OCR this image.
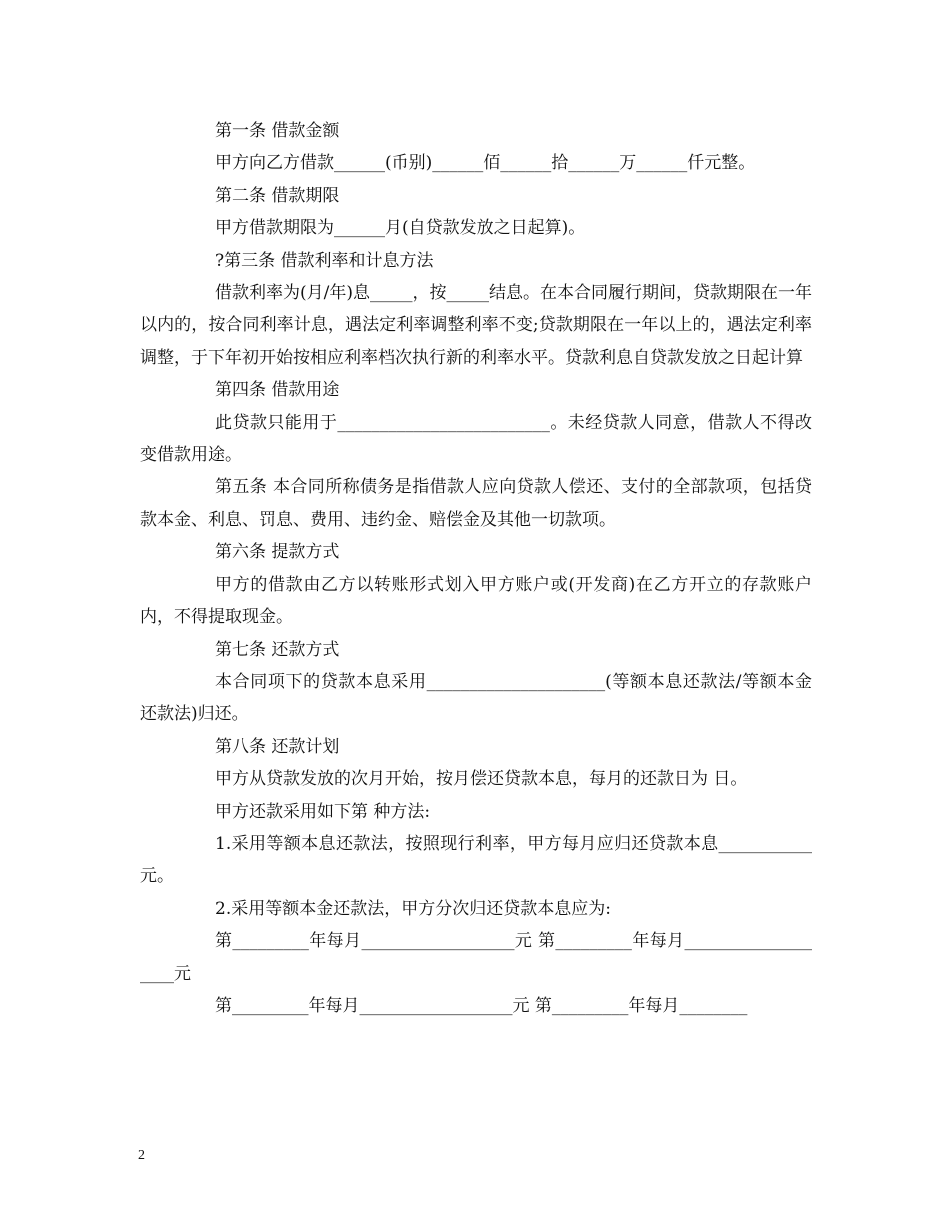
第一条 借款金额

甲方向乙方借款______(币别)______佰______拾______万______仟元整。

第二条 借款期限

甲方借款期限为______月(自贷款发放之日起算)。

?第三条 借款利率和计息方法

借款利率为(月/年)息_____，按_____结息。在本合同履行期间，贷款期限在一年以内的，按合同利率计息，遇法定利率调整利率不变;贷款期限在一年以上的，遇法定利率调整，于下年初开始按相应利率档次执行新的利率水平。贷款利息自贷款发放之日起计算

第四条 借款用途

此贷款只能用于_________________________。未经贷款人同意，借款人不得改变借款用途。

第五条 本合同所称债务是指借款人应向贷款人偿还、支付的全部款项，包括贷款本金、利息、罚息、费用、违约金、赔偿金及其他一切款项。

第六条 提款方式

甲方的借款由乙方以转账形式划入甲方账户或(开发商)在乙方开立的存款账户内，不得提取现金。

第七条 还款方式

本合同项下的贷款本息采用_____________________(等额本息还款法/等额本金还款法)归还。

第八条 还款计划

甲方从贷款发放的次月开始，按月偿还贷款本息，每月的还款日为 日。

甲方还款采用如下第 种方法:

1.采用等额本息还款法，按照现行利率，甲方每月应归还贷款本息___________元。

2.采用等额本金还款法，甲方分次归还贷款本息应为:

第_________年每月__________________元 第_________年每月___________________元

第_________年每月__________________元 第_________年每月________

2
